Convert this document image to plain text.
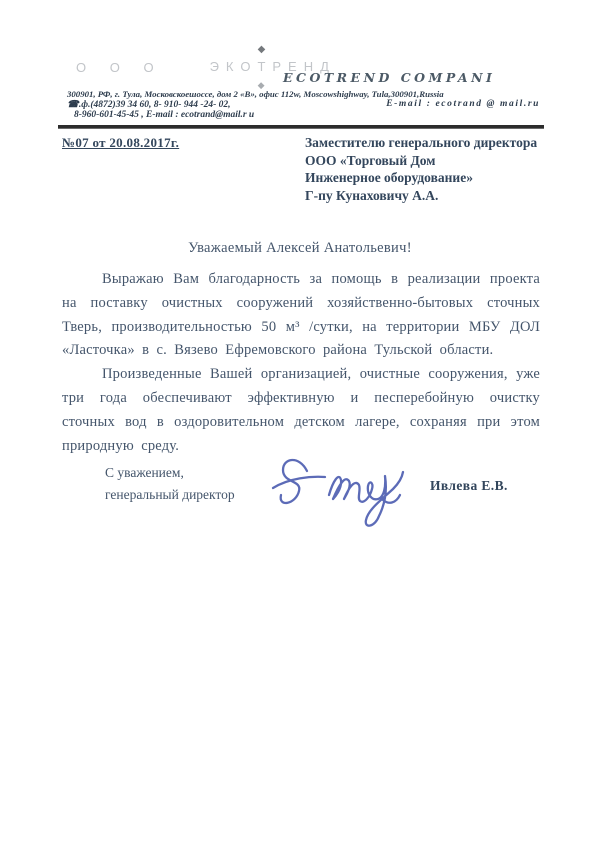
О О О
◆
ЭКОТРЕНД
◆ ECOTREND COMPANI
300901, РФ, г. Тула, Московскоешоссе, дом 2 «В», офис 112w, Moscowshighway, Tula,300901,Russia
☎.ф.(4872)39 34 60, 8- 910- 944 -24- 02,	E-mail : ecotrand @ mail.ru
8-960-601-45-45 , E-mail : ecotrand@mail.r u
№07 от 20.08.2017г.	Заместителю генерального директора
ООО «Торговый Дом
Инженерное оборудование»
Г-пу Кунаховичу А.А.
Уважаемый Алексей Анатольевич!

Выражаю Вам благодарность за помощь в реализации проекта на поставку очистных сооружений хозяйственно-бытовых сточных Тверь, производительностью 50 м³ /сутки, на территории МБУ ДОЛ «Ласточка» в с. Вязево Ефремовского района Тульской области.

Произведенные Вашей организацией, очистные сооружения, уже три года обеспечивают эффективную и песперебойную очистку сточных вод в оздоровительном детском лагере, сохраняя при этом природную среду.

С уважением,
генеральный директор
Ивлева Е.В.
